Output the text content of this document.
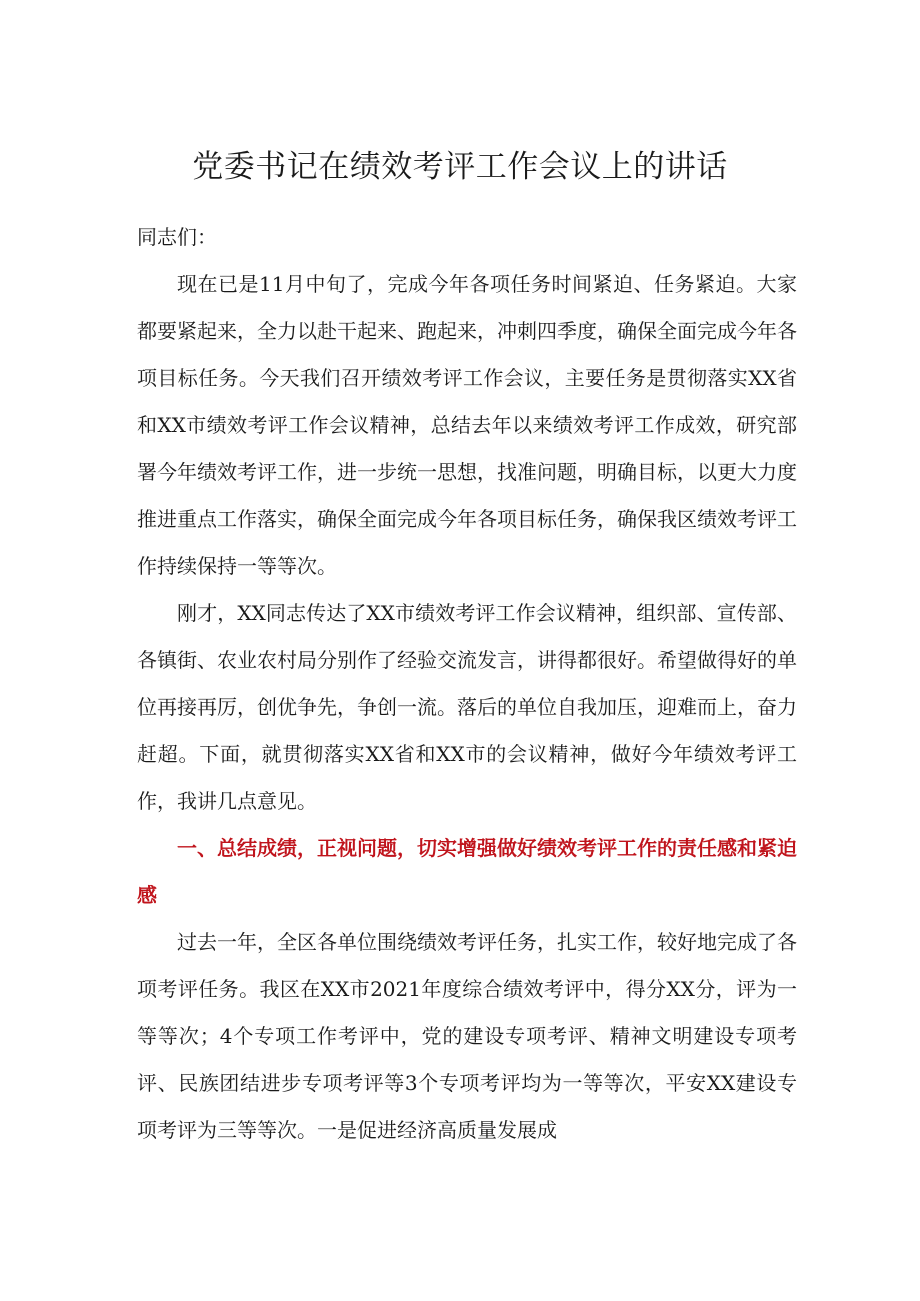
党委书记在绩效考评工作会议上的讲话

同志们：

现在已是11月中旬了，完成今年各项任务时间紧迫、任务紧迫。大家都要紧起来，全力以赴干起来、跑起来，冲刺四季度，确保全面完成今年各项目标任务。今天我们召开绩效考评工作会议，主要任务是贯彻落实XX省和XX市绩效考评工作会议精神，总结去年以来绩效考评工作成效，研究部署今年绩效考评工作，进一步统一思想，找准问题，明确目标，以更大力度推进重点工作落实，确保全面完成今年各项目标任务，确保我区绩效考评工作持续保持一等等次。

刚才，XX同志传达了XX市绩效考评工作会议精神，组织部、宣传部、各镇街、农业农村局分别作了经验交流发言，讲得都很好。希望做得好的单位再接再厉，创优争先，争创一流。落后的单位自我加压，迎难而上，奋力赶超。下面，就贯彻落实XX省和XX市的会议精神，做好今年绩效考评工作，我讲几点意见。

一、总结成绩，正视问题，切实增强做好绩效考评工作的责任感和紧迫感

过去一年，全区各单位围绕绩效考评任务，扎实工作，较好地完成了各项考评任务。我区在XX市2021年度综合绩效考评中，得分XX分，评为一等等次；4个专项工作考评中，党的建设专项考评、精神文明建设专项考评、民族团结进步专项考评等3个专项考评均为一等等次，平安XX建设专项考评为三等等次。一是促进经济高质量发展成
